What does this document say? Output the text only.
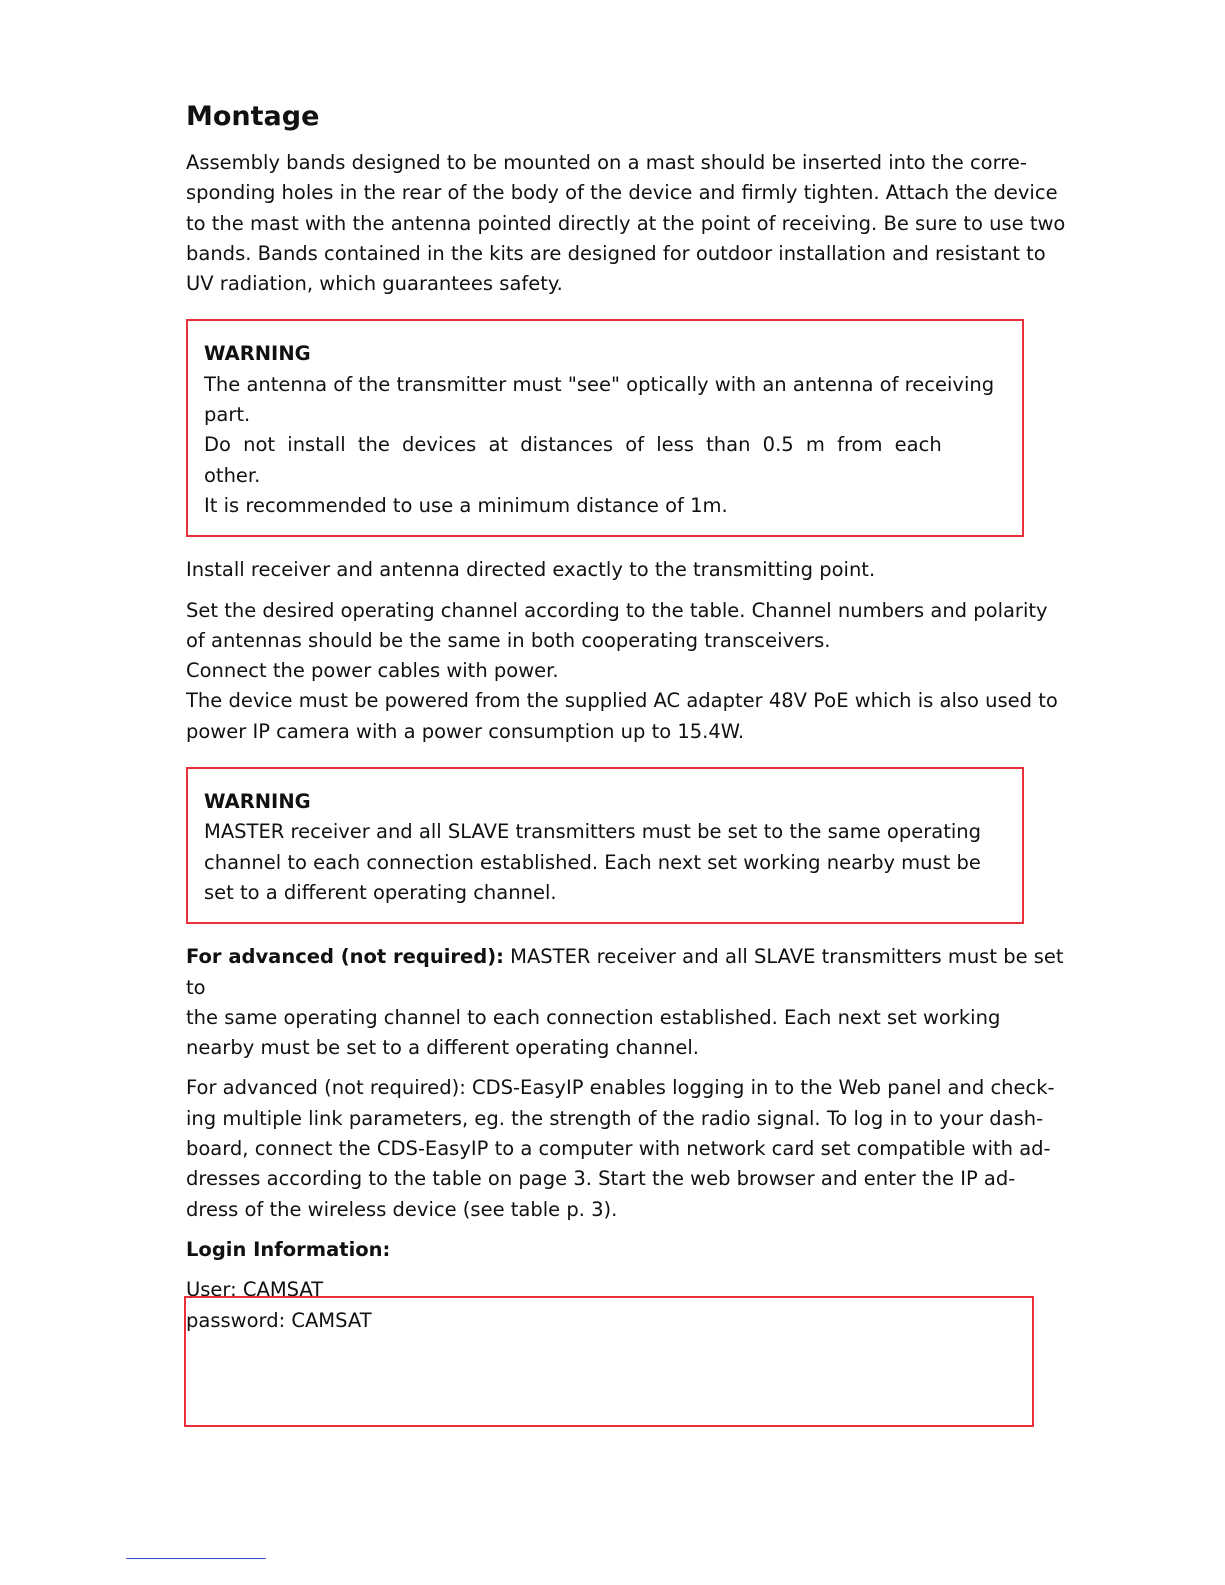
Montage

Assembly bands designed to be mounted on a mast should be inserted into the corre-

sponding holes in the rear of the body of the device and firmly tighten. Attach the device

to the mast with the antenna pointed directly at the point of receiving. Be sure to use two

bands. Bands contained in the kits are designed for outdoor installation and resistant to

UV radiation, which guarantees safety.

WARNING

The antenna of the transmitter must "see" optically with an antenna of receiving

part.

Do not install the devices at distances of less than 0.5 m from each other.

It is recommended to use a minimum distance of 1m.

Install receiver and antenna directed exactly to the transmitting point.

Set the desired operating channel according to the table. Channel numbers and polarity

of antennas should be the same in both cooperating transceivers.

Connect the power cables with power.

The device must be powered from the supplied AC adapter 48V PoE which is also used to

power IP camera with a power consumption up to 15.4W.

WARNING

MASTER receiver and all SLAVE transmitters must be set to the same operating

channel to each connection established. Each next set working nearby must be

set to a different operating channel.

For advanced (not required): MASTER receiver and all SLAVE transmitters must be set to

the same operating channel to each connection established. Each next set working

nearby must be set to a different operating channel.

For advanced (not required): CDS-EasyIP enables logging in to the Web panel and check-

ing multiple link parameters, eg. the strength of the radio signal. To log in to your dash-

board, connect the CDS-EasyIP to a computer with network card set compatible with ad-

dresses according to the table on page 3. Start the web browser and enter the IP ad-

dress of the wireless device (see table p. 3).

Login Information:

User: CAMSAT

password: CAMSAT
